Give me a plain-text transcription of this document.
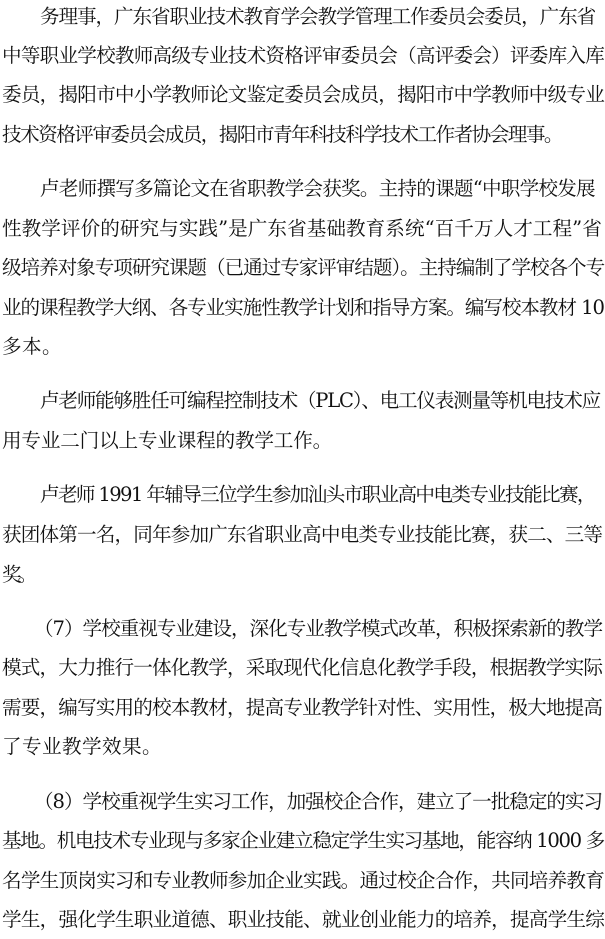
务理事，广东省职业技术教育学会教学管理工作委员会委员，广东省

中等职业学校教师高级专业技术资格评审委员会（高评委会）评委库入库

委员，揭阳市中小学教师论文鉴定委员会成员，揭阳市中学教师中级专业

技术资格评审委员会成员，揭阳市青年科技科学技术工作者协会理事。

卢老师撰写多篇论文在省职教学会获奖。主持的课题“中职学校发展

性教学评价的研究与实践”是广东省基础教育系统“百千万人才工程”省

级培养对象专项研究课题（已通过专家评审结题）。主持编制了学校各个专

业的课程教学大纲、各专业实施性教学计划和指导方案。编写校本教材 10

多本。

卢老师能够胜任可编程控制技术（PLC）、电工仪表测量等机电技术应

用专业二门以上专业课程的教学工作。

卢老师 1991 年辅导三位学生参加汕头市职业高中电类专业技能比赛，

获团体第一名，同年参加广东省职业高中电类专业技能比赛，获二、三等

奖。

（7）学校重视专业建设，深化专业教学模式改革，积极探索新的教学

模式，大力推行一体化教学，采取现代化信息化教学手段，根据教学实际

需要，编写实用的校本教材，提高专业教学针对性、实用性，极大地提高

了专业教学效果。

（8）学校重视学生实习工作，加强校企合作，建立了一批稳定的实习

基地。机电技术专业现与多家企业建立稳定学生实习基地，能容纳 1000 多

名学生顶岗实习和专业教师参加企业实践。通过校企合作，共同培养教育

学生，强化学生职业道德、职业技能、就业创业能力的培养，提高学生综
